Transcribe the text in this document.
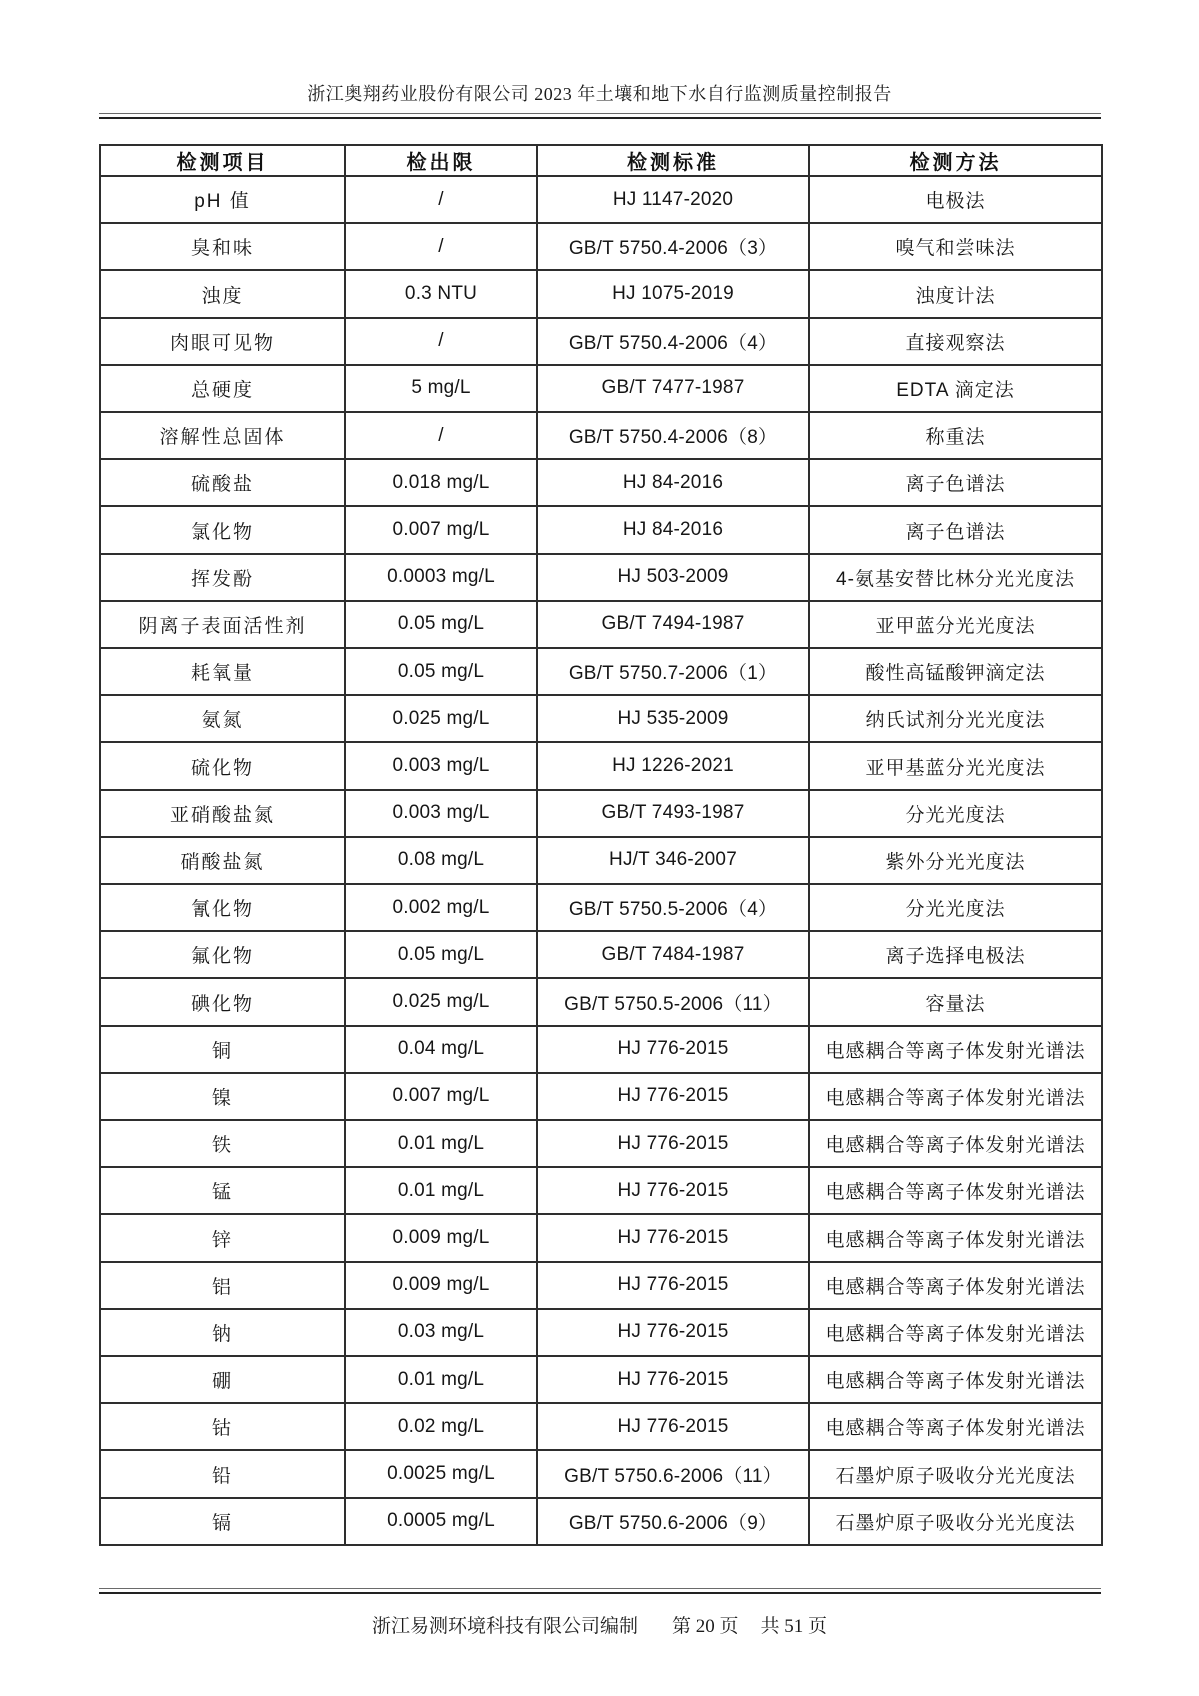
浙江奥翔药业股份有限公司 2023 年土壤和地下水自行监测质量控制报告
检测项目	检出限	检测标准	检测方法
pH 值	/	HJ 1147-2020	电极法
臭和味	/	GB/T 5750.4-2006（3）	嗅气和尝味法
浊度	0.3 NTU	HJ 1075-2019	浊度计法
肉眼可见物	/	GB/T 5750.4-2006（4）	直接观察法
总硬度	5 mg/L	GB/T 7477-1987	EDTA 滴定法
溶解性总固体	/	GB/T 5750.4-2006（8）	称重法
硫酸盐	0.018 mg/L	HJ 84-2016	离子色谱法
氯化物	0.007 mg/L	HJ 84-2016	离子色谱法
挥发酚	0.0003 mg/L	HJ 503-2009	4-氨基安替比林分光光度法
阴离子表面活性剂	0.05 mg/L	GB/T 7494-1987	亚甲蓝分光光度法
耗氧量	0.05 mg/L	GB/T 5750.7-2006（1）	酸性高锰酸钾滴定法
氨氮	0.025 mg/L	HJ 535-2009	纳氏试剂分光光度法
硫化物	0.003 mg/L	HJ 1226-2021	亚甲基蓝分光光度法
亚硝酸盐氮	0.003 mg/L	GB/T 7493-1987	分光光度法
硝酸盐氮	0.08 mg/L	HJ/T 346-2007	紫外分光光度法
氰化物	0.002 mg/L	GB/T 5750.5-2006（4）	分光光度法
氟化物	0.05 mg/L	GB/T 7484-1987	离子选择电极法
碘化物	0.025 mg/L	GB/T 5750.5-2006（11）	容量法
铜	0.04 mg/L	HJ 776-2015	电感耦合等离子体发射光谱法
镍	0.007 mg/L	HJ 776-2015	电感耦合等离子体发射光谱法
铁	0.01 mg/L	HJ 776-2015	电感耦合等离子体发射光谱法
锰	0.01 mg/L	HJ 776-2015	电感耦合等离子体发射光谱法
锌	0.009 mg/L	HJ 776-2015	电感耦合等离子体发射光谱法
铝	0.009 mg/L	HJ 776-2015	电感耦合等离子体发射光谱法
钠	0.03 mg/L	HJ 776-2015	电感耦合等离子体发射光谱法
硼	0.01 mg/L	HJ 776-2015	电感耦合等离子体发射光谱法
钴	0.02 mg/L	HJ 776-2015	电感耦合等离子体发射光谱法
铅	0.0025 mg/L	GB/T 5750.6-2006（11）	石墨炉原子吸收分光光度法
镉	0.0005 mg/L	GB/T 5750.6-2006（9）	石墨炉原子吸收分光光度法
浙江易测环境科技有限公司编制 第 20 页 共 51 页
